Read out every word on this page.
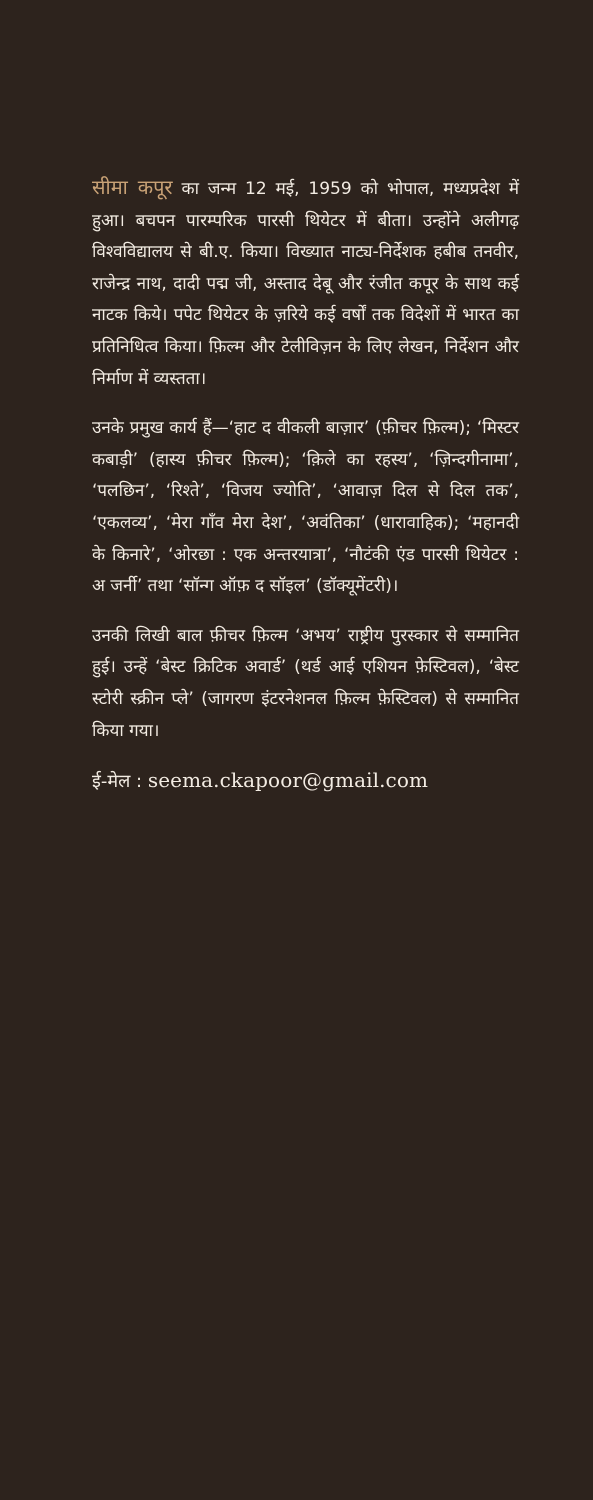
सीमा कपूर का जन्म 12 मई, 1959 को भोपाल, मध्यप्रदेश में हुआ। बचपन पारम्परिक पारसी थियेटर में बीता। उन्होंने अलीगढ़ विश्वविद्यालय से बी.ए. किया। विख्यात नाट्य-निर्देशक हबीब तनवीर, राजेन्द्र नाथ, दादी पद्म जी, अस्ताद देबू और रंजीत कपूर के साथ कई नाटक किये। पपेट थियेटर के ज़रिये कई वर्षों तक विदेशों में भारत का प्रतिनिधित्व किया। फ़िल्म और टेलीविज़न के लिए लेखन, निर्देशन और निर्माण में व्यस्तता।

उनके प्रमुख कार्य हैं—‘हाट द वीकली बाज़ार’ (फ़ीचर फ़िल्म); ‘मिस्टर कबाड़ी’ (हास्य फ़ीचर फ़िल्म); ‘क़िले का रहस्य’, ‘ज़िन्दगीनामा’, ‘पलछिन’, ‘रिश्ते’, ‘विजय ज्योति’, ‘आवाज़ दिल से दिल तक’, ‘एकलव्य’, ‘मेरा गाँव मेरा देश’, ‘अवंतिका’ (धारावाहिक); ‘महानदी के किनारे’, ‘ओरछा : एक अन्तरयात्रा’, ‘नौटंकी एंड पारसी थियेटर : अ जर्नी’ तथा ‘सॉन्ग ऑफ़ द सॉइल’ (डॉक्यूमेंटरी)।

उनकी लिखी बाल फ़ीचर फ़िल्म ‘अभय’ राष्ट्रीय पुरस्कार से सम्मानित हुई। उन्हें ‘बेस्ट क्रिटिक अवार्ड’ (थर्ड आई एशियन फ़ेस्टिवल), ‘बेस्ट स्टोरी स्क्रीन प्ले’ (जागरण इंटरनेशनल फ़िल्म फ़ेस्टिवल) से सम्मानित किया गया।

ई-मेल : seema.ckapoor@gmail.com
